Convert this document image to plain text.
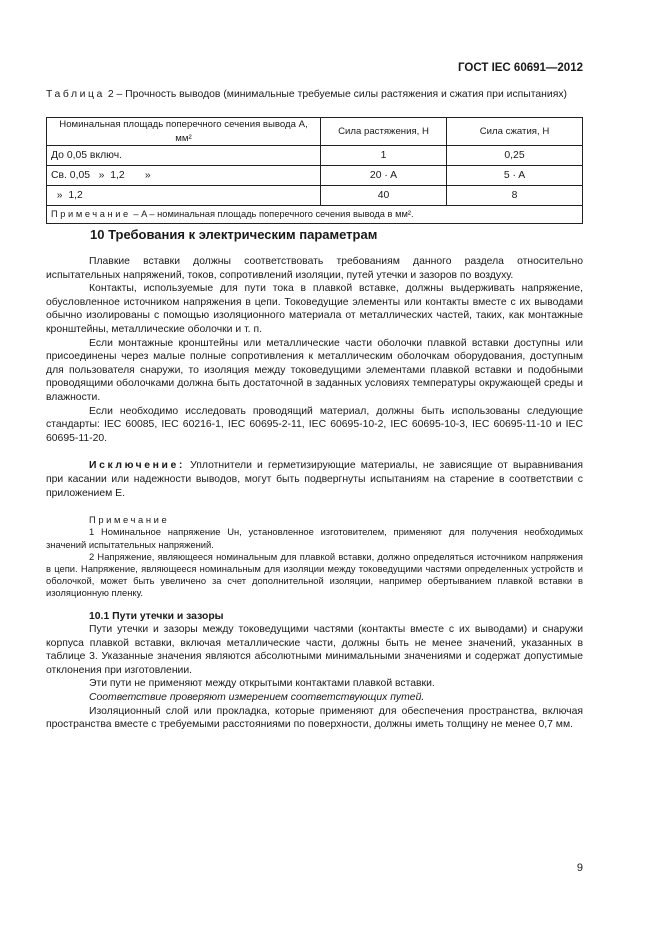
ГОСТ IEC 60691—2012
Таблица 2 – Прочность выводов (минимальные требуемые силы растяжения и сжатия при испытаниях)
Номинальная площадь поперечного сечения вывода A, мм²	Сила растяжения, Н	Сила сжатия, Н
До 0,05 включ.	1	0,25
Св. 0,05   »  1,2       »	20 · A	5 · A
»  1,2	40	8
Примечание – A – номинальная площадь поперечного сечения вывода в мм².		
10 Требования к электрическим параметрам

Плавкие вставки должны соответствовать требованиям данного раздела относительно испытательных напряжений, токов, сопротивлений изоляции, путей утечки и зазоров по воздуху.

Контакты, используемые для пути тока в плавкой вставке, должны выдерживать напряжение, обусловленное источником напряжения в цепи. Токоведущие элементы или контакты вместе с их выводами обычно изолированы с помощью изоляционного материала от металлических частей, таких, как монтажные кронштейны, металлические оболочки и т. п.

Если монтажные кронштейны или металлические части оболочки плавкой вставки доступны или присоединены через малые полные сопротивления к металлическим оболочкам оборудования, доступным для пользователя снаружи, то изоляция между токоведущими элементами плавкой вставки и подобными проводящими оболочками должна быть достаточной в заданных условиях температуры окружающей среды и влажности.

Если необходимо исследовать проводящий материал, должны быть использованы следующие стандарты: IEC 60085, IEC 60216-1, IEC 60695-2-11, IEC 60695-10-2, IEC 60695-10-3, IEC 60695-11-10 и IEC 60695-11-20.

Исключение: Уплотнители и герметизирующие материалы, не зависящие от выравнивания при касании или надежности выводов, могут быть подвергнуты испытаниям на старение в соответствии с приложением Е.

Примечание

1 Номинальное напряжение Uн, установленное изготовителем, применяют для получения необходимых значений испытательных напряжений.

2 Напряжение, являющееся номинальным для плавкой вставки, должно определяться источником напряжения в цепи. Напряжение, являющееся номинальным для изоляции между токоведущими частями определенных устройств и оболочкой, может быть увеличено за счет дополнительной изоляции, например обертыванием плавкой вставки в изоляционную пленку.

10.1 Пути утечки и зазоры

Пути утечки и зазоры между токоведущими частями (контакты вместе с их выводами) и снаружи корпуса плавкой вставки, включая металлические части, должны быть не менее значений, указанных в таблице 3. Указанные значения являются абсолютными минимальными значениями и содержат допустимые отклонения при изготовлении.

Эти пути не применяют между открытыми контактами плавкой вставки.

Соответствие проверяют измерением соответствующих путей.

Изоляционный слой или прокладка, которые применяют для обеспечения пространства, включая пространства вместе с требуемыми расстояниями по поверхности, должны иметь толщину не менее 0,7 мм.

9
